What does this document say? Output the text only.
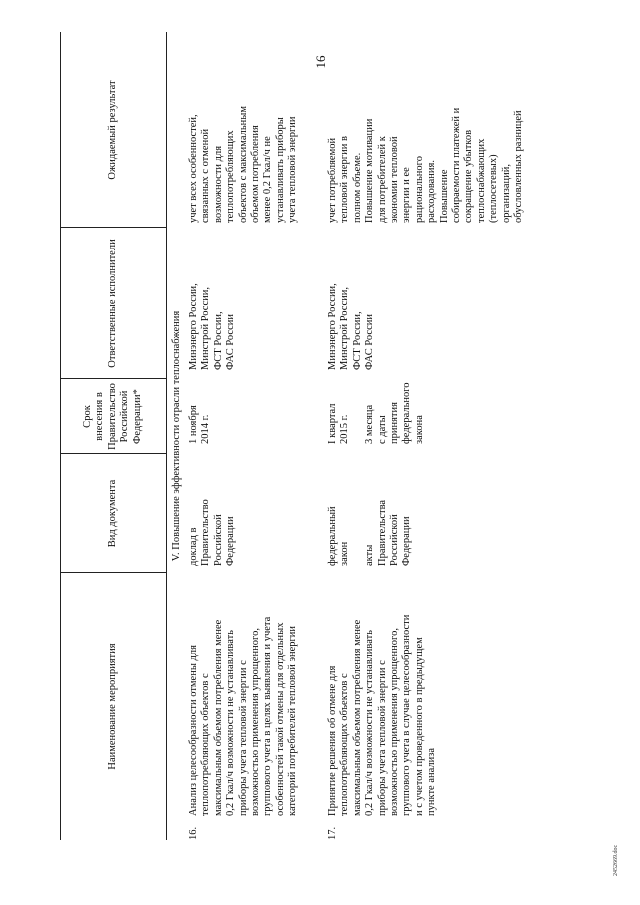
16
Наименование мероприятия
Вид документа
Срок
внесения в
Правительство
Российской
Федерации*
Ответственные исполнители
Ожидаемый результат
V. Повышение эффективности отрасли теплоснабжения
16.
Анализ целесообразности отмены для
теплопотребляющих объектов с
максимальным объемом потребления менее
0,2 Гкал/ч возможности не устанавливать
приборы учета тепловой энергии с
возможностью применения упрощенного,
группового учета в целях выявления и учета
особенностей такой отмены для отдельных
категорий потребителей тепловой энергии
доклад в
Правительство
Российской
Федерации
1 ноября
2014 г.
Минэнерго России,
Минстрой России,
ФСТ России,
ФАС России
учет всех особенностей,
связанных с отменой
возможности для
теплопотребляющих
объектов с максимальным
объемом потребления
менее 0,2 Гкал/ч не
устанавливать приборы
учета тепловой энергии
17.
Принятие решения об отмене для
теплопотребляющих объектов с
максимальным объемом потребления менее
0,2 Гкал/ч возможности не устанавливать
приборы учета тепловой энергии с
возможностью применения упрощенного,
группового учета в случае целесообразности
и с учетом проведенного в предыдущем
пункте анализа
федеральный
закон

акты
Правительства
Российской
Федерации
I квартал
2015 г.

3 месяца
с даты
принятия
федерального
закона
Минэнерго России,
Минстрой России,
ФСТ России,
ФАС России
учет потребляемой
тепловой энергии в
полном объеме.
Повышение мотивации
для потребителей к
экономии тепловой
энергии и ее
рационального
расходования.
Повышение
собираемости платежей и
сокращение убытков
теплоснабжающих
(теплосетевых)
организаций,
обусловленных разницей
2452669.doc
